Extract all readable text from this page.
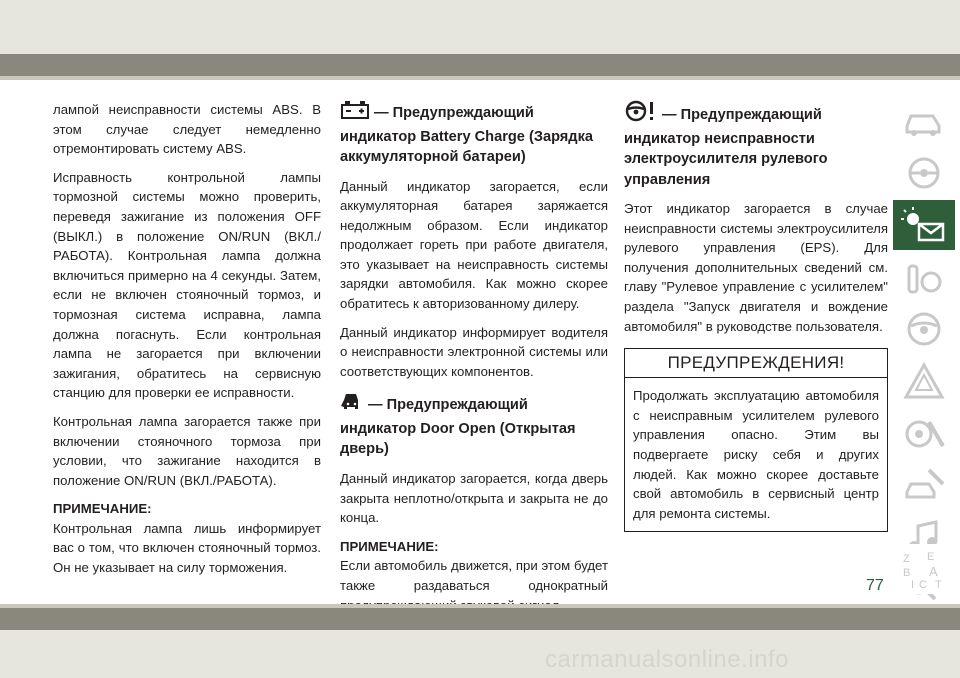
лампой неисправности системы ABS. В этом случае следует немедленно отремонтировать систему ABS.

Исправность контрольной лампы тормозной системы можно проверить, переведя зажигание из положения OFF (ВЫКЛ.) в положение ON/RUN (ВКЛ./РАБОТА). Контрольная лампа должна включиться примерно на 4 секунды. Затем, если не включен стояночный тормоз, и тормозная система исправна, лампа должна погаснуть. Если контрольная лампа не загорается при включении зажигания, обратитесь на сервисную станцию для проверки ее исправности.

Контрольная лампа загорается также при включении стояночного тормоза при условии, что зажигание находится в положение ON/RUN (ВКЛ./РАБОТА).

ПРИМЕЧАНИЕ:

Контрольная лампа лишь информирует вас о том, что включен стояночный тормоз. Он не указывает на силу торможения.

— Предупреждающий индикатор Battery Charge (Зарядка аккумуляторной батареи)

Данный индикатор загорается, если аккумуляторная батарея заряжается недолжным образом. Если индикатор продолжает гореть при работе двигателя, это указывает на неисправность системы зарядки автомобиля. Как можно скорее обратитесь к авторизованному дилеру.

Данный индикатор информирует водителя о неисправности электронной системы или соответствующих компонентов.

— Предупреждающий индикатор Door Open (Открытая дверь)

Данный индикатор загорается, когда дверь закрыта неплотно/открыта и закрыта не до конца.

ПРИМЕЧАНИЕ:

Если автомобиль движется, при этом будет также раздаваться однократный

— Предупреждающий индикатор неисправности электроусилителя рулевого управления

Этот индикатор загорается в случае неисправности системы электроусилителя рулевого управления (EPS). Для получения дополнительных сведений см. главу "Рулевое управление с усилителем" раздела "Запуск двигателя и вождение автомобиля" в руководстве пользователя.

ПРЕДУПРЕЖДЕНИЯ!

Продолжать эксплуатацию автомобиля с неисправным усилителем рулевого управления опасно. Этим вы подвергаете риску себя и других людей. Как можно скорее доставьте свой автомобиль в сервисный центр для ремонта системы.

Z E
B A
I C T
77
carmanualsonline.info
